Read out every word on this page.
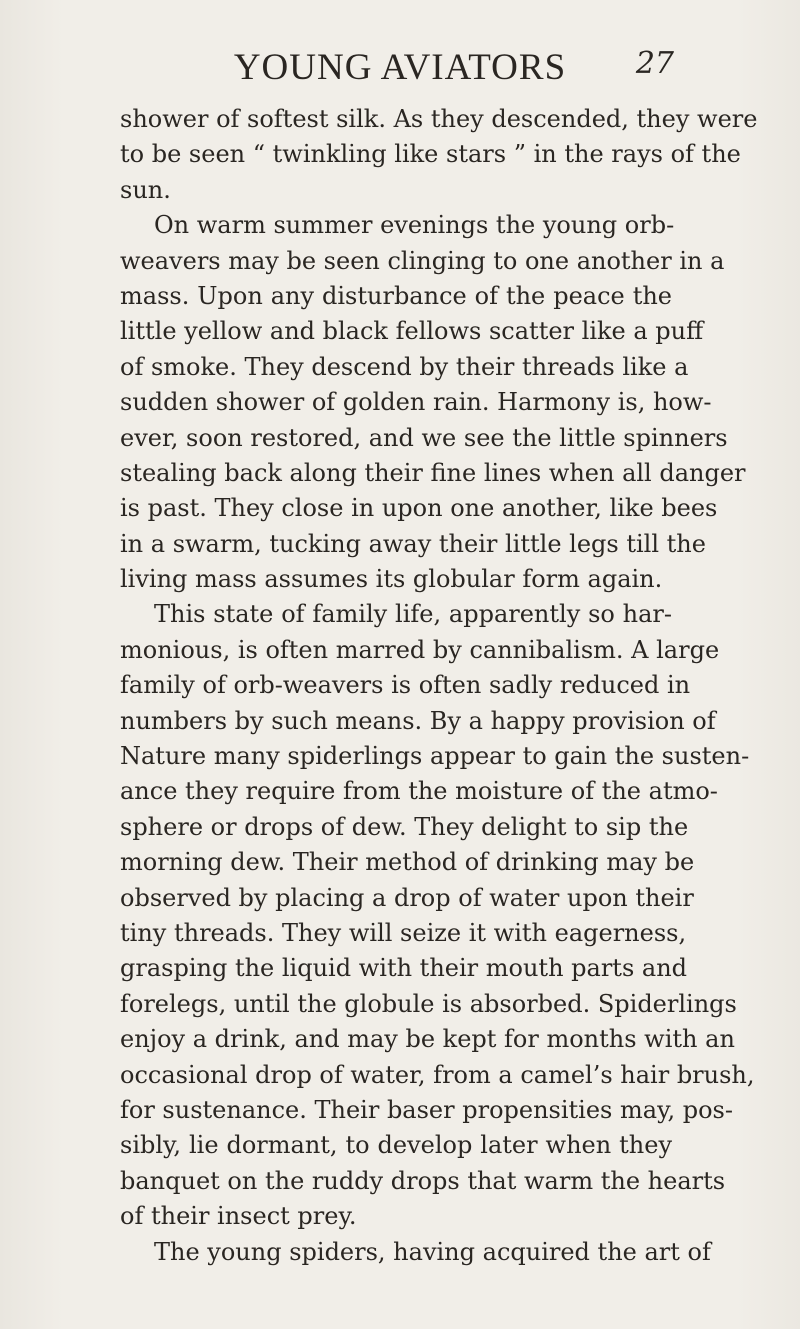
YOUNG AVIATORS	27
shower of softest silk. As they descended, they were
to be seen “ twinkling like stars ” in the rays of the
sun.
On warm summer evenings the young orb-
weavers may be seen clinging to one another in a
mass. Upon any disturbance of the peace the
little yellow and black fellows scatter like a puff
of smoke. They descend by their threads like a
sudden shower of golden rain. Harmony is, how-
ever, soon restored, and we see the little spinners
stealing back along their fine lines when all danger
is past. They close in upon one another, like bees
in a swarm, tucking away their little legs till the
living mass assumes its globular form again.
This state of family life, apparently so har-
monious, is often marred by cannibalism. A large
family of orb-weavers is often sadly reduced in
numbers by such means. By a happy provision of
Nature many spiderlings appear to gain the susten-
ance they require from the moisture of the atmo-
sphere or drops of dew. They delight to sip the
morning dew. Their method of drinking may be
observed by placing a drop of water upon their
tiny threads. They will seize it with eagerness,
grasping the liquid with their mouth parts and
forelegs, until the globule is absorbed. Spiderlings
enjoy a drink, and may be kept for months with an
occasional drop of water, from a camel’s hair brush,
for sustenance. Their baser propensities may, pos-
sibly, lie dormant, to develop later when they
banquet on the ruddy drops that warm the hearts
of their insect prey.
The young spiders, having acquired the art of
